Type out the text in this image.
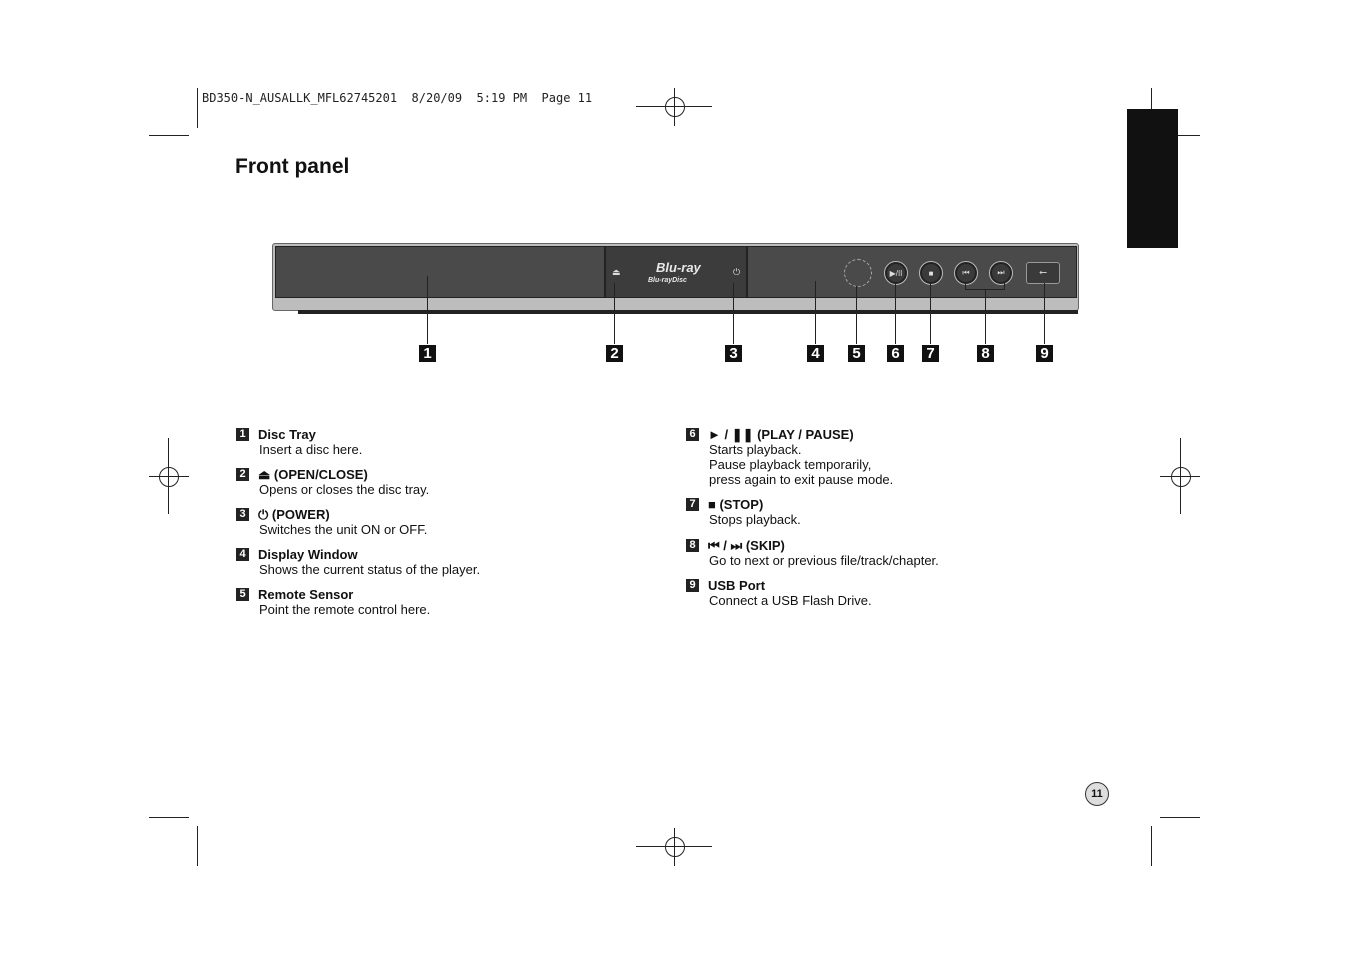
BD350-N_AUSALLK_MFL62745201  8/20/09  5:19 PM  Page 11
Front panel
Blu-ray
Blu-rayDisc
⏏	⏻	▶/II	■	⏮	⏭	⭠
1	2	3	4 5 6 7	8	9
1 Disc Tray
Insert a disc here.
2 ⏏ (OPEN/CLOSE)
Opens or closes the disc tray.
3 ⏻ (POWER)
Switches the unit ON or OFF.
4 Display Window
Shows the current status of the player.
5 Remote Sensor
Point the remote control here.
6 ► / ❚❚ (PLAY / PAUSE)
Starts playback.
Pause playback temporarily,
press again to exit pause mode.
7 ■ (STOP)
Stops playback.
8 ⏮ / ⏭ (SKIP)
Go to next or previous file/track/chapter.
9 USB Port
Connect a USB Flash Drive.
11
